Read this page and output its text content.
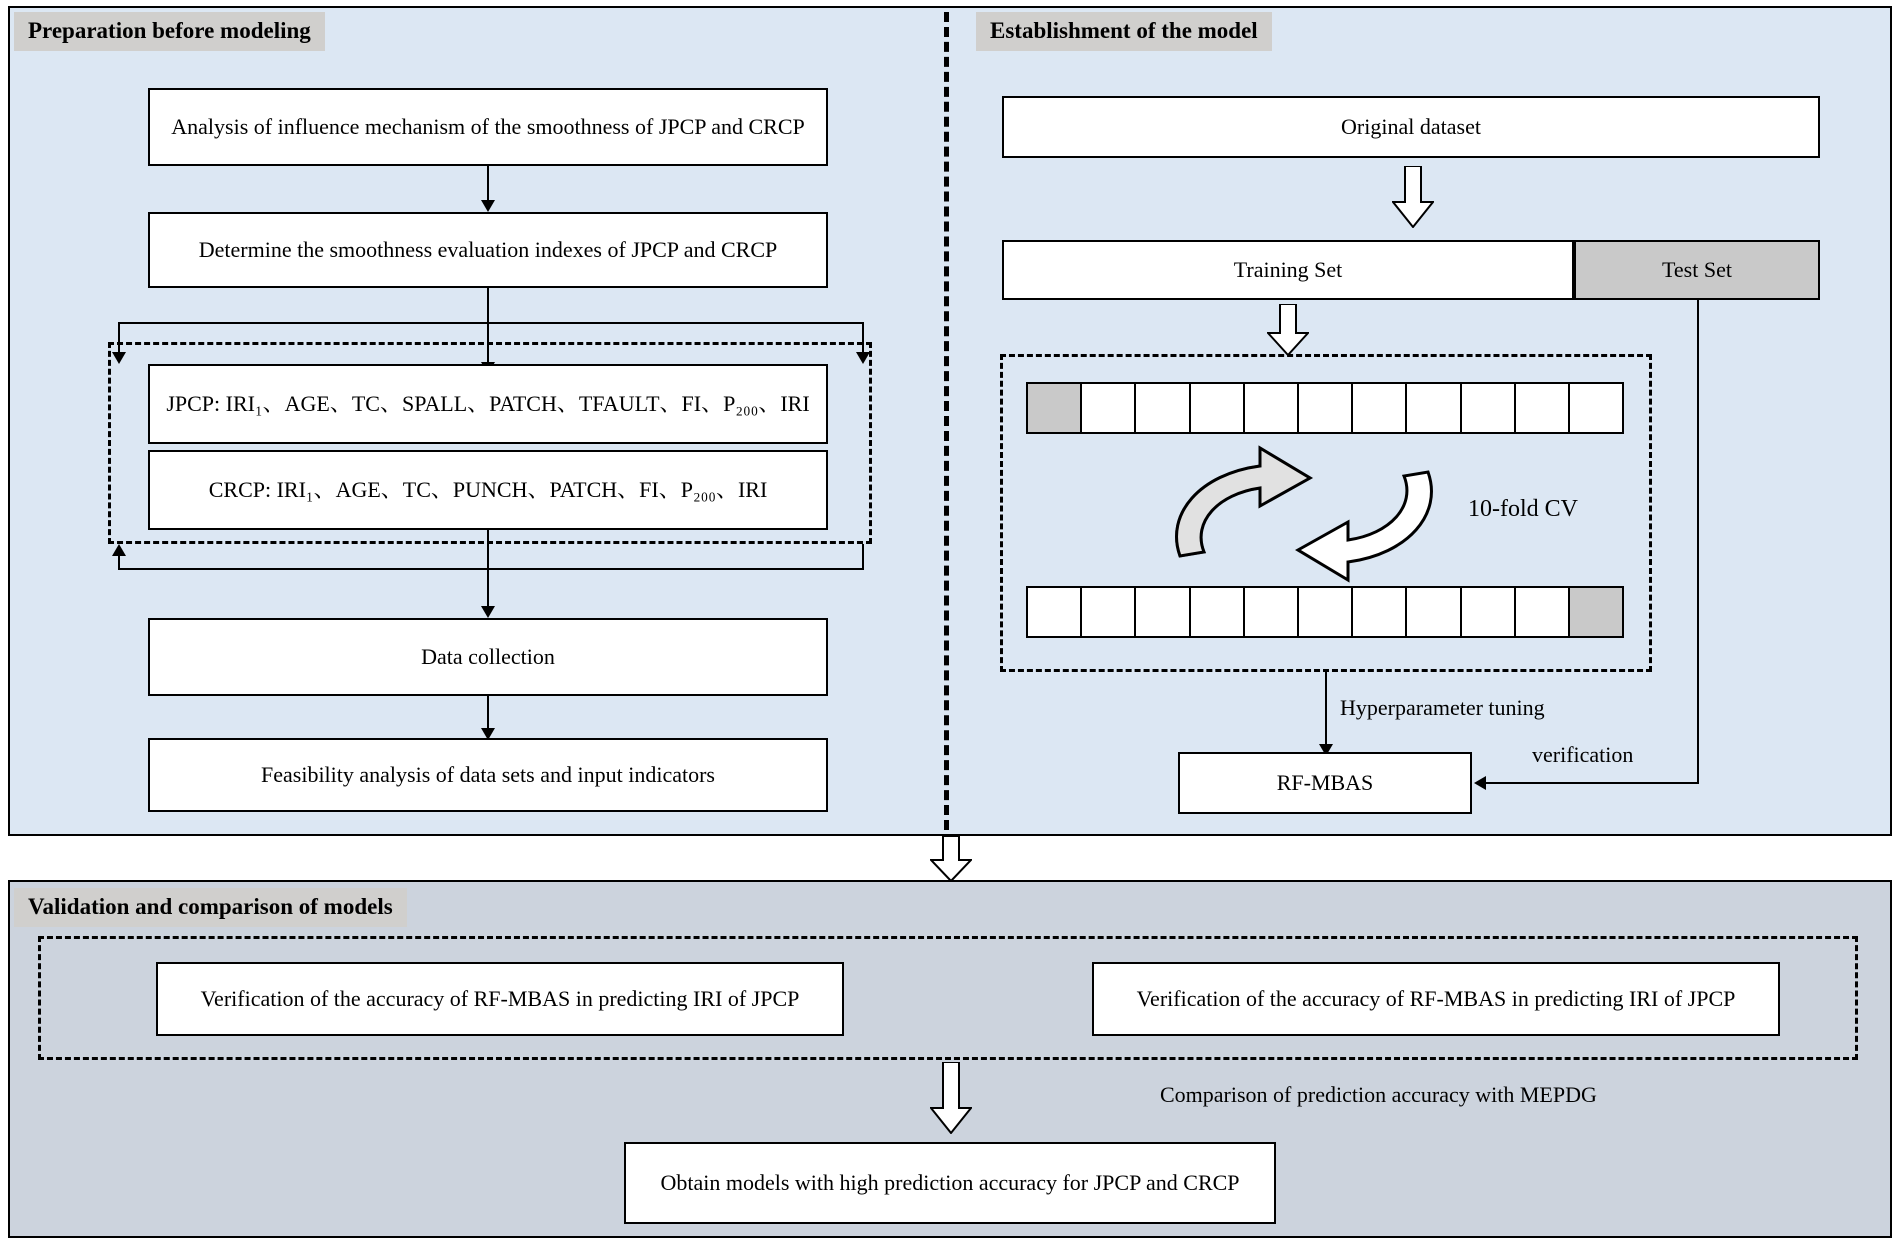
Preparation before modeling	Establishment of the model
Analysis of influence mechanism of the smoothness of JPCP and CRCP
Determine the smoothness evaluation indexes of JPCP and CRCP
JPCP: IRI₁、AGE、TC、SPALL、PATCH、TFAULT、FI、P₂₀₀、IRI
CRCP: IRI₁、AGE、TC、PUNCH、PATCH、FI、P₂₀₀、IRI
Data collection
Feasibility analysis of data sets and input indicators
Original dataset
Training Set	Test Set
10-fold CV
Hyperparameter tuning
RF-MBAS
verification
Validation and comparison of models
Verification of the accuracy of RF-MBAS in predicting IRI of JPCP	Verification of the accuracy of RF-MBAS in predicting IRI of JPCP
Comparison of prediction accuracy with MEPDG
Obtain models with high prediction accuracy for JPCP and CRCP
